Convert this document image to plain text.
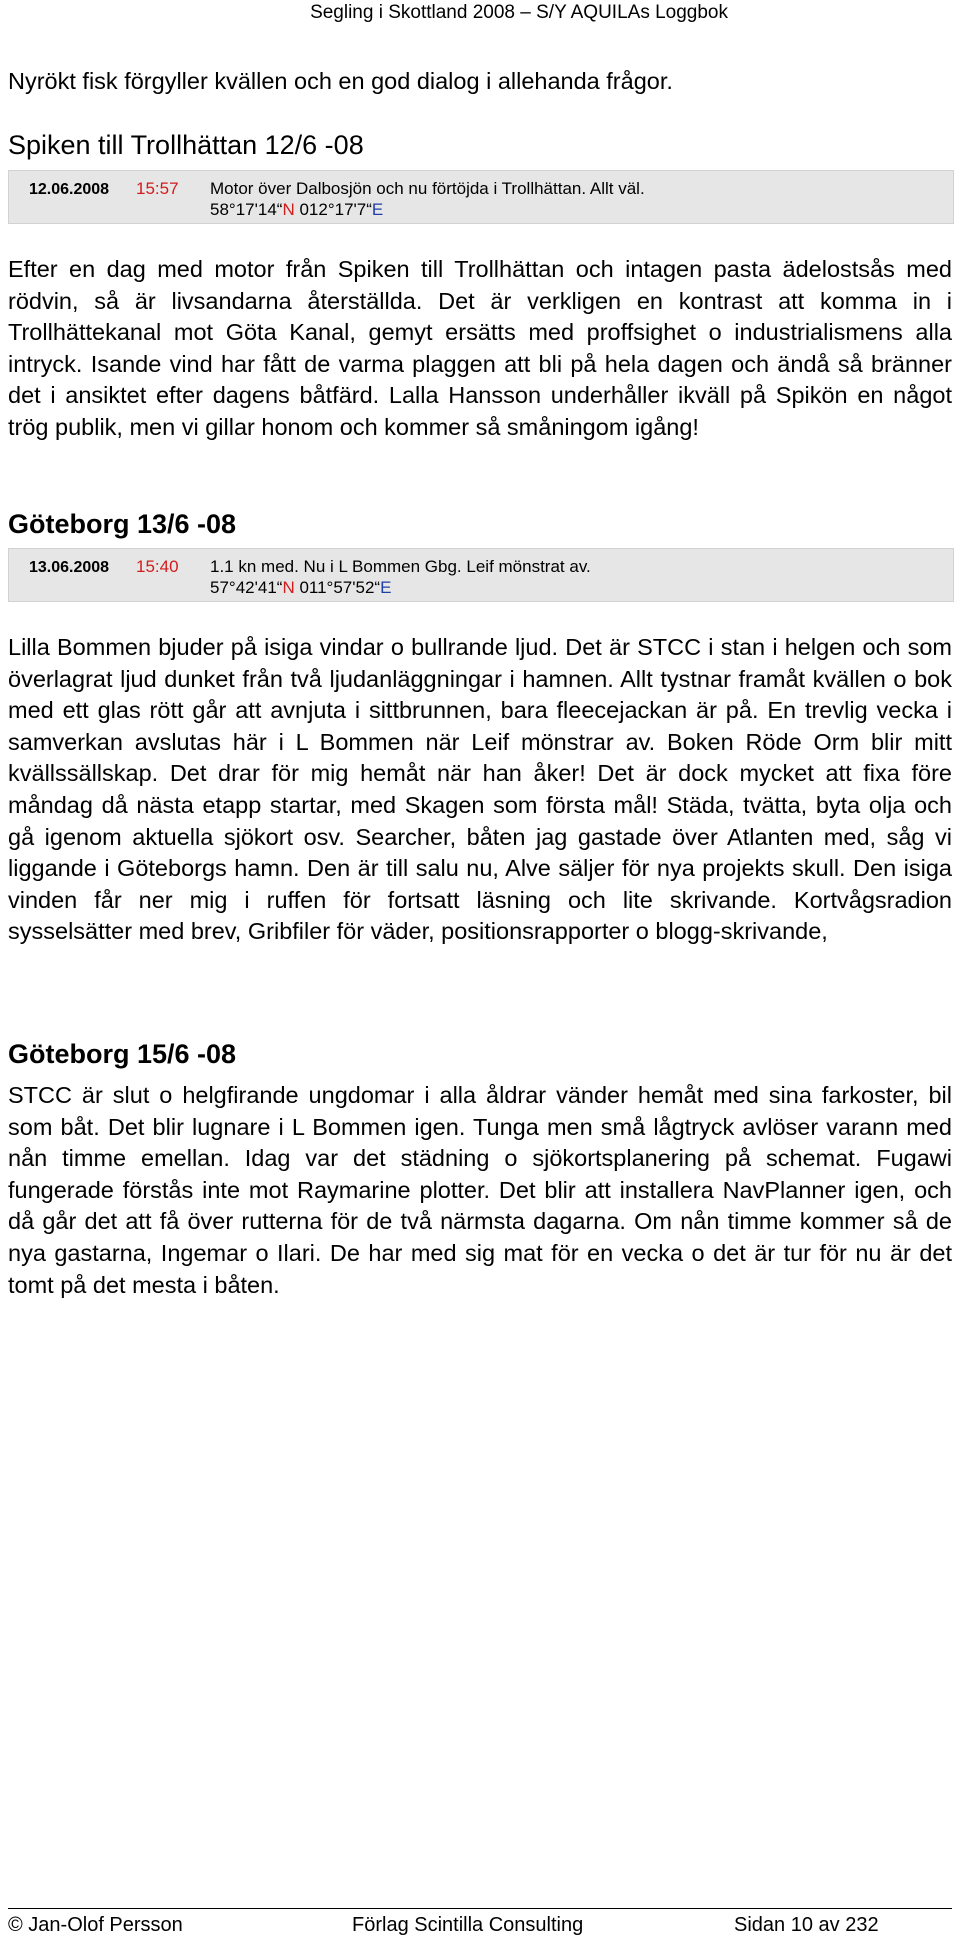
Segling i Skottland 2008 – S/Y AQUILAs Loggbok

Nyrökt fisk förgyller kvällen och en god dialog i allehanda frågor.

Spiken till Trollhättan 12/6 -08
12.06.2008 15:57 Motor över Dalbosjön och nu förtöjda i Trollhättan. Allt väl.
58°17'14“N 012°17'7“E

Efter en dag med motor från Spiken till Trollhättan och intagen pasta ädelostsås med rödvin, så är livsandarna återställda. Det är verkligen en kontrast att komma in i Trollhättekanal mot Göta Kanal, gemyt ersätts med proffsighet o industrialismens alla intryck. Isande vind har fått de varma plaggen att bli på hela dagen och ändå så bränner det i ansiktet efter dagens båtfärd. Lalla Hansson underhåller ikväll på Spikön en något trög publik, men vi gillar honom och kommer så småningom igång!

Göteborg 13/6 -08
13.06.2008 15:40 1.1 kn med. Nu i L Bommen Gbg. Leif mönstrat av.
57°42'41“N 011°57'52“E

Lilla Bommen bjuder på isiga vindar o bullrande ljud. Det är STCC i stan i helgen och som överlagrat ljud dunket från två ljudanläggningar i hamnen. Allt tystnar framåt kvällen o bok med ett glas rött går att avnjuta i sittbrunnen, bara fleecejackan är på. En trevlig vecka i samverkan avslutas här i L Bommen när Leif mönstrar av. Boken Röde Orm blir mitt kvällssällskap. Det drar för mig hemåt när han åker! Det är dock mycket att fixa före måndag då nästa etapp startar, med Skagen som första mål! Städa, tvätta, byta olja och gå igenom aktuella sjökort osv. Searcher, båten jag gastade över Atlanten med, såg vi liggande i Göteborgs hamn. Den är till salu nu, Alve säljer för nya projekts skull. Den isiga vinden får ner mig i ruffen för fortsatt läsning och lite skrivande. Kortvågsradion sysselsätter med brev, Gribfiler för väder, positionsrapporter o blogg-skrivande,

Göteborg 15/6 -08

STCC är slut o helgfirande ungdomar i alla åldrar vänder hemåt med sina farkoster, bil som båt. Det blir lugnare i L Bommen igen. Tunga men små lågtryck avlöser varann med nån timme emellan. Idag var det städning o sjökortsplanering på schemat. Fugawi fungerade förstås inte mot Raymarine plotter. Det blir att installera NavPlanner igen, och då går det att få över rutterna för de två närmsta dagarna. Om nån timme kommer så de nya gastarna, Ingemar o Ilari. De har med sig mat för en vecka o det är tur för nu är det tomt på det mesta i båten.

© Jan-Olof Persson	Förlag Scintilla Consulting	Sidan 10 av 232
